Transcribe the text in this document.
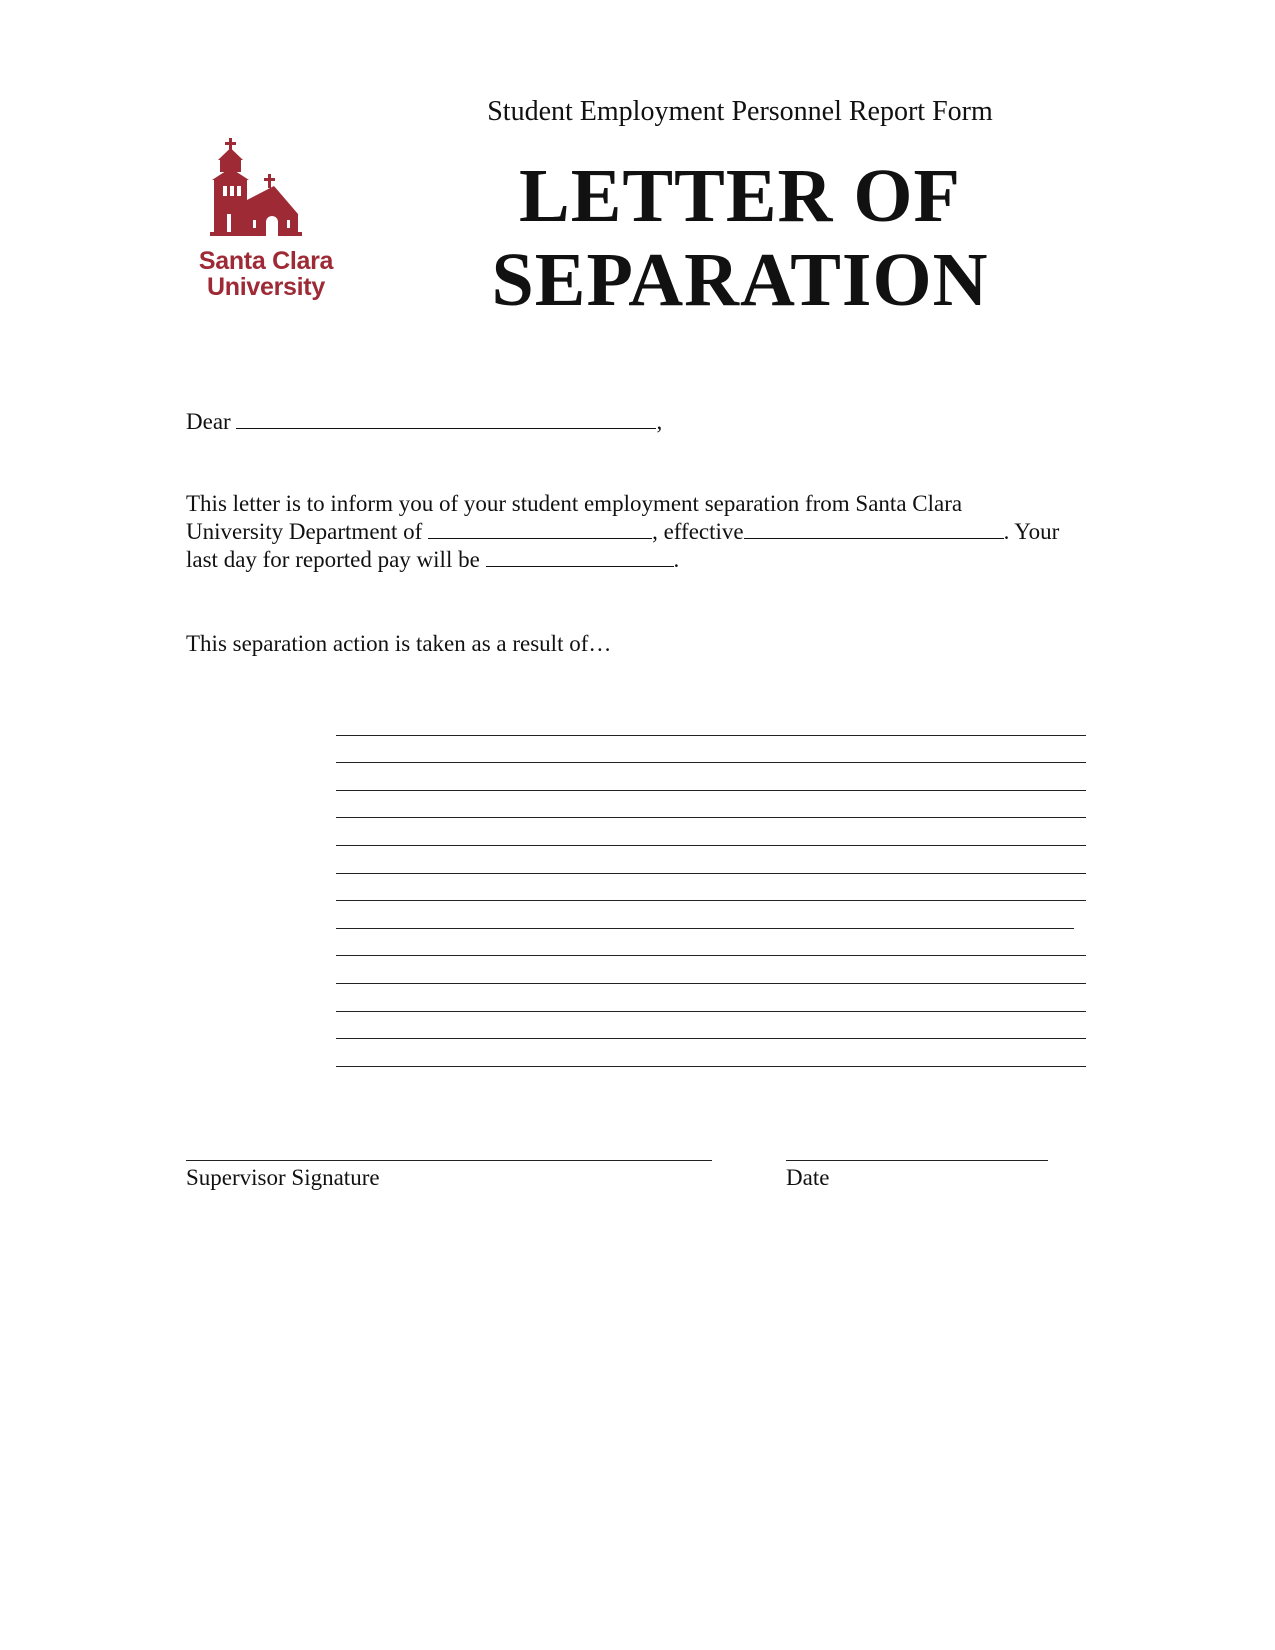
Santa Clara
University
Student Employment Personnel Report Form
LETTER OF
SEPARATION
Dear	,
This letter is to inform you of your student employment separation from Santa Clara
University Department of	, effective	. Your
last day for reported pay will be	.
This separation action is taken as a result of…
Supervisor Signature	Date
